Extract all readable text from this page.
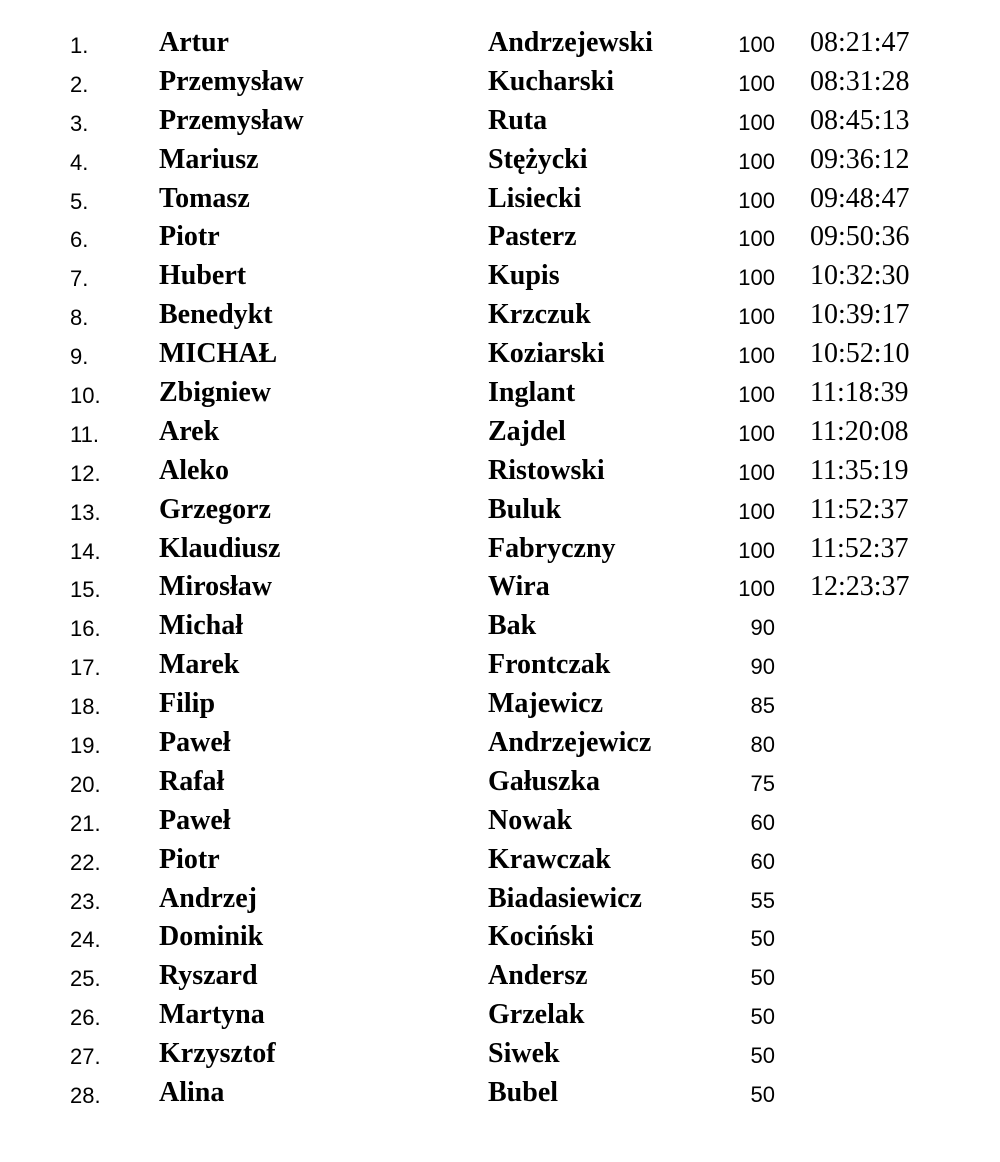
1.	Artur	Andrzejewski	100 08:21:47
2.	Przemysław	Kucharski	100 08:31:28
3.	Przemysław	Ruta	100 08:45:13
4.	Mariusz	Stężycki	100 09:36:12
5.	Tomasz	Lisiecki	100 09:48:47
6.	Piotr	Pasterz	100 09:50:36
7.	Hubert	Kupis	100 10:32:30
8.	Benedykt	Krzczuk	100 10:39:17
9.	MICHAŁ	Koziarski	100 10:52:10
10. Zbigniew	Inglant	100 11:18:39
11. Arek	Zajdel	100 11:20:08
12. Aleko	Ristowski	100 11:35:19
13. Grzegorz	Buluk	100 11:52:37
14. Klaudiusz	Fabryczny	100 11:52:37
15. Mirosław	Wira	100 12:23:37
16. Michał	Bak	90
17. Marek	Frontczak	90
18. Filip	Majewicz	85
19. Paweł	Andrzejewicz	80
20. Rafał	Gałuszka	75
21. Paweł	Nowak	60
22. Piotr	Krawczak	60
23. Andrzej	Biadasiewicz	55
24. Dominik	Kociński	50
25. Ryszard	Andersz	50
26. Martyna	Grzelak	50
27. Krzysztof	Siwek	50
28. Alina	Bubel	50
